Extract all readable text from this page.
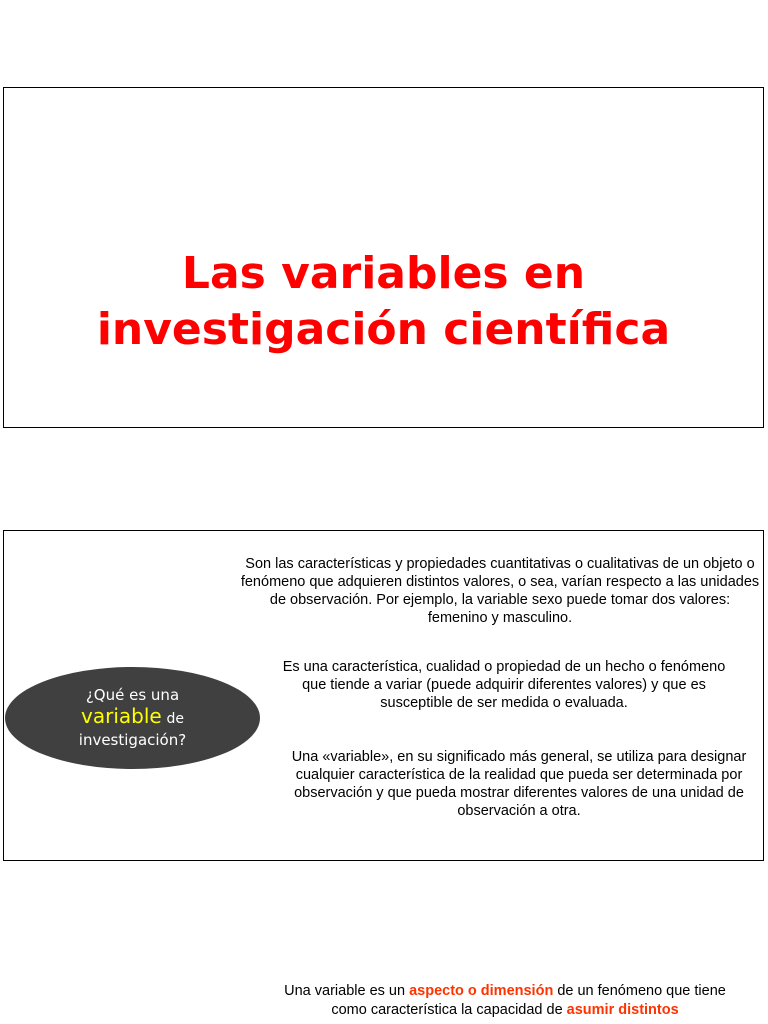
Las variables en
investigación científica
¿Qué es una
variable de
investigación?

Son las características y propiedades cuantitativas o cualitativas de un objeto o fenómeno que adquieren distintos valores, o sea, varían respecto a las unidades de observación. Por ejemplo, la variable sexo puede tomar dos valores: femenino y masculino.

Es una característica, cualidad o propiedad de un hecho o fenómeno que tiende a variar (puede adquirir diferentes valores) y que es susceptible de ser medida o evaluada.

Una «variable», en su significado más general, se utiliza para designar cualquier característica de la realidad que pueda ser determinada por observación y que pueda mostrar diferentes valores de una unidad de observación a otra.

Una variable es un aspecto o dimensión de un fenómeno que tiene como característica la capacidad de asumir distintos
